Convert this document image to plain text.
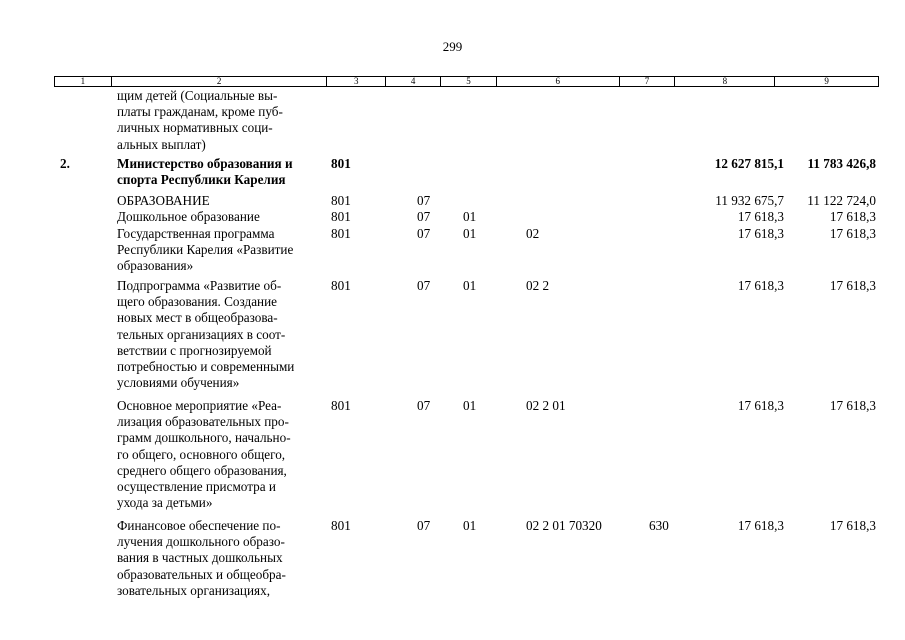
299
1	2	3	4	5	6	7	8	9
щим детей (Социальные вы-
платы гражданам, кроме пуб-
личных нормативных соци-
альных выплат)
2.	Министерство образования и
спорта Республики Карелия
801	12 627 815,1 11 783 426,8
ОБРАЗОВАНИЕ	801	07	11 932 675,7 11 122 724,0
Дошкольное образование	801	07 01	17 618,3	17 618,3
Государственная программа
Республики Карелия «Развитие
образования»
801	07 01	02	17 618,3	17 618,3
Подпрограмма «Развитие об-
щего образования. Создание
новых мест в общеобразова-
тельных организациях в соот-
ветствии с прогнозируемой
потребностью и современными
условиями обучения»
801	07 01	02 2	17 618,3	17 618,3
Основное мероприятие «Реа-
лизация образовательных про-
грамм дошкольного, начально-
го общего, основного общего,
среднего общего образования,
осуществление присмотра и
ухода за детьми»
801	07 01	02 2 01	17 618,3	17 618,3
Финансовое обеспечение по-
лучения дошкольного образо-
вания в частных дошкольных
образовательных и общеобра-
зовательных организациях,
801	07 01	02 2 01 70320	630	17 618,3	17 618,3
